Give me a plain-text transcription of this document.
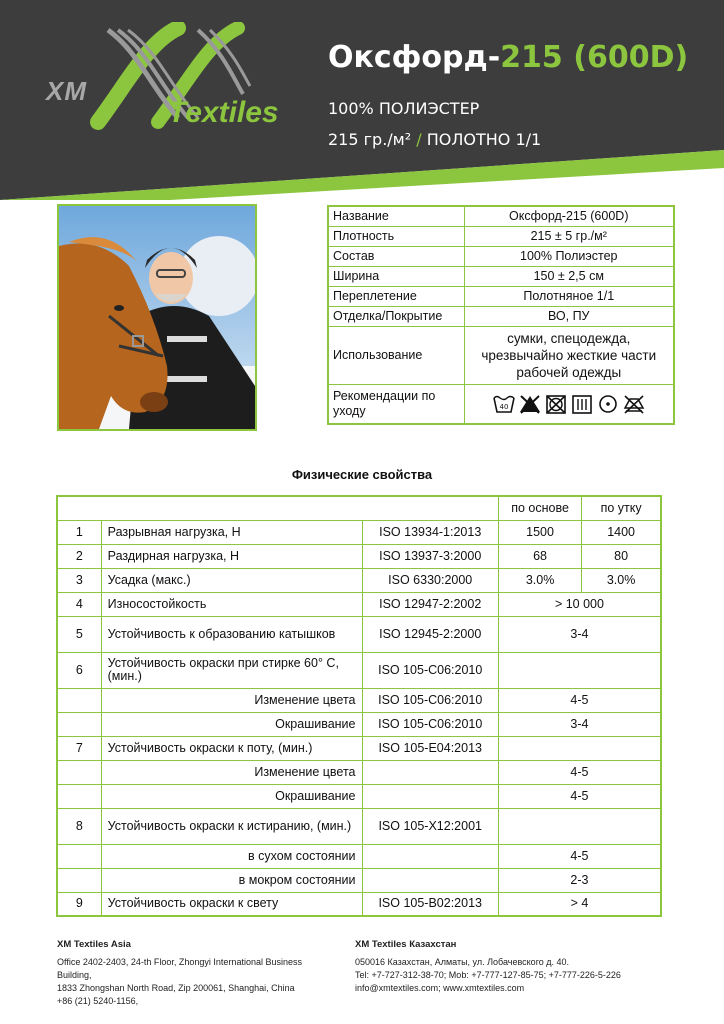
XM
Textiles
Оксфорд-215 (600D)
100% ПОЛИЭСТЕР
215 гр./м² / ПОЛОТНО 1/1
Название	Оксфорд-215 (600D)
Плотность	215 ± 5 гр./м²
Состав	100% Полиэстер
Ширина	150 ± 2,5 см
Переплетение	Полотняное 1/1
Отделка/Покрытие	ВО, ПУ
Использование	сумки, спецодежда, чрезвычайно жесткие части рабочей одежды
Рекомендации по уходу	40
Физические свойства
			по основе	по утку
1	Разрывная нагрузка, Н	ISO 13934-1:2013	1500	1400
2	Раздирная нагрузка, Н	ISO 13937-3:2000	68	80
3	Усадка (макс.)	ISO 6330:2000	3.0%	3.0%
4	Износостойкость	ISO 12947-2:2002	> 10 000	
5	Устойчивость к образованию катышков	ISO 12945-2:2000	3-4	
6	Устойчивость окраски при стирке 60° С, (мин.)	ISO 105-C06:2010		
	Изменение цвета	ISO 105-C06:2010	4-5	
	Окрашивание	ISO 105-C06:2010	3-4	
7	Устойчивость окраски к поту, (мин.)	ISO 105-E04:2013		
	Изменение цвета		4-5	
	Окрашивание		4-5	
8	Устойчивость окраски к истиранию, (мин.)	ISO 105-X12:2001		
	в сухом состоянии		4-5	
	в мокром состоянии		2-3	
9	Устойчивость окраски к свету	ISO 105-B02:2013	> 4	
XM Textiles Asia
Office 2402-2403, 24-th Floor, Zhongyi International Business Building,
1833 Zhongshan North Road, Zip 200061, Shanghai, China
+86 (21) 5240-1156,
XM Textiles Казахстан
050016 Казахстан, Алматы, ул. Лобачевского д. 40.
Tel: +7-727-312-38-70; Mob: +7-777-127-85-75; +7-777-226-5-226
info@xmtextiles.com; www.xmtextiles.com
